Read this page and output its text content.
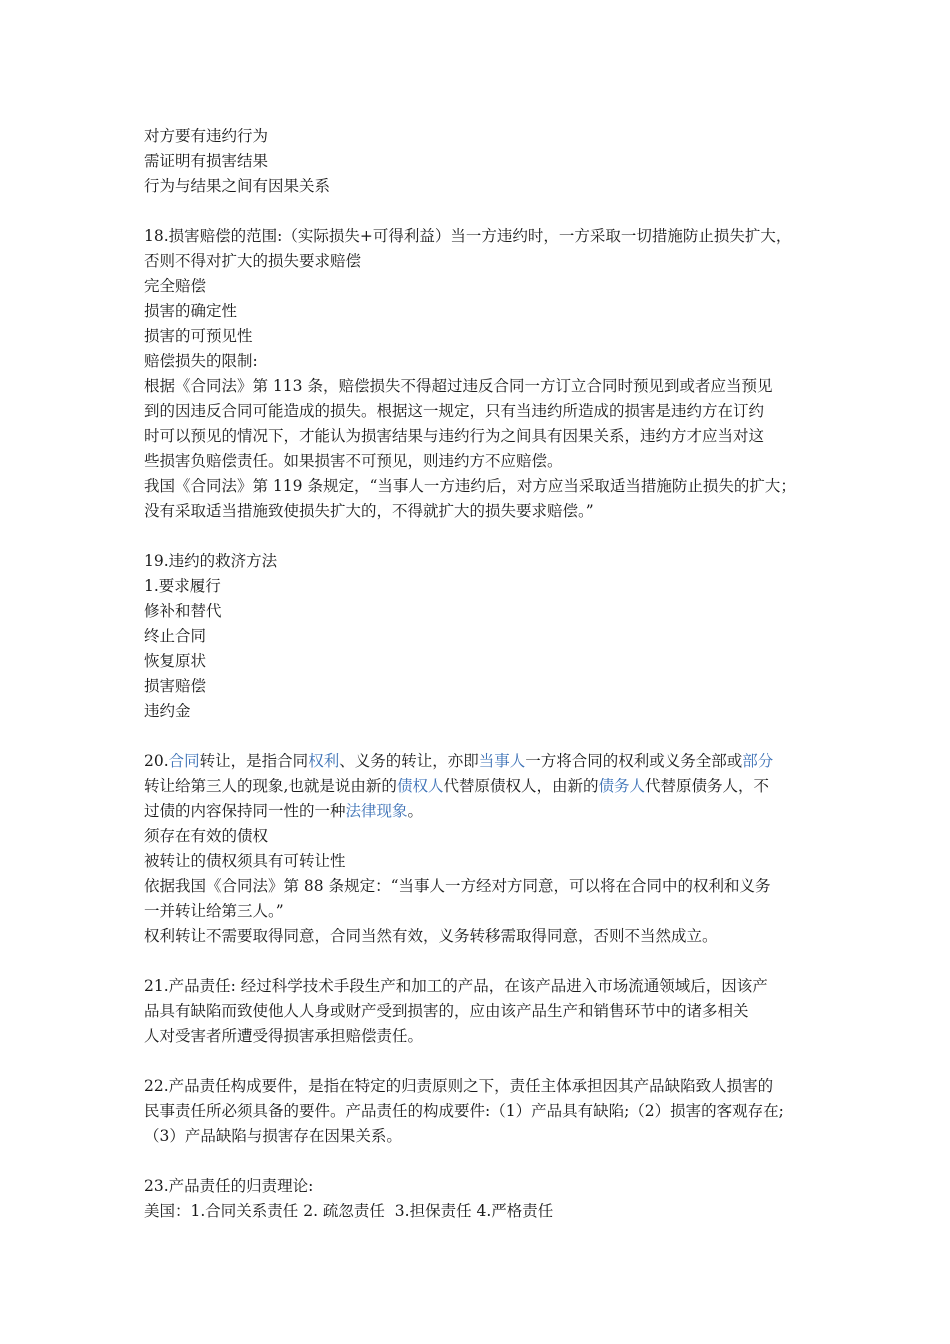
对方要有违约行为
需证明有损害结果
行为与结果之间有因果关系
18.损害赔偿的范围:（实际损失+可得利益）当一方违约时，一方采取一切措施防止损失扩大，
否则不得对扩大的损失要求赔偿
完全赔偿
损害的确定性
损害的可预见性
赔偿损失的限制:
根据《合同法》第 113 条，赔偿损失不得超过违反合同一方订立合同时预见到或者应当预见
到的因违反合同可能造成的损失。根据这一规定，只有当违约所造成的损害是违约方在订约
时可以预见的情况下，才能认为损害结果与违约行为之间具有因果关系，违约方才应当对这
些损害负赔偿责任。如果损害不可预见，则违约方不应赔偿。
我国《合同法》第 119 条规定，“当事人一方违约后，对方应当采取适当措施防止损失的扩大；
没有采取适当措施致使损失扩大的，不得就扩大的损失要求赔偿。”
19.违约的救济方法
1.要求履行
修补和替代
终止合同
恢复原状
损害赔偿
违约金
20.合同转让，是指合同权利、义务的转让，亦即当事人一方将合同的权利或义务全部或部分
转让给第三人的现象,也就是说由新的债权人代替原债权人，由新的债务人代替原债务人，不
过债的内容保持同一性的一种法律现象。
须存在有效的债权
被转让的债权须具有可转让性
依据我国《合同法》第 88 条规定：“当事人一方经对方同意，可以将在合同中的权利和义务
一并转让给第三人。”
权利转让不需要取得同意，合同当然有效，义务转移需取得同意，否则不当然成立。
21.产品责任: 经过科学技术手段生产和加工的产品，在该产品进入市场流通领域后，因该产
品具有缺陷而致使他人人身或财产受到损害的，应由该产品生产和销售环节中的诸多相关
人对受害者所遭受得损害承担赔偿责任。
22.产品责任构成要件，是指在特定的归责原则之下，责任主体承担因其产品缺陷致人损害的
民事责任所必须具备的要件。产品责任的构成要件:（1）产品具有缺陷;（2）损害的客观存在;
（3）产品缺陷与损害存在因果关系。
23.产品责任的归责理论:
美国：1.合同关系责任 2. 疏忽责任  3.担保责任 4.严格责任
